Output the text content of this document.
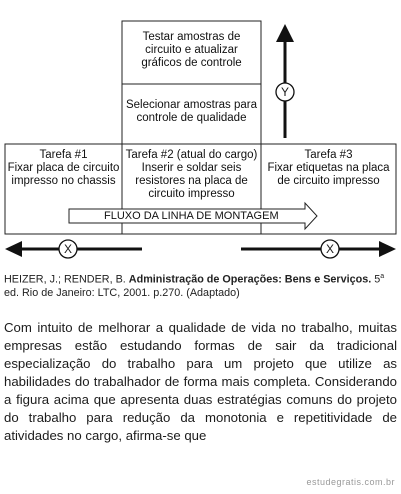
Testar amostras de circuito e atualizar gráficos de controle
Selecionar amostras para controle de qualidade
Tarefa #1
Fixar placa de circuito impresso no chassis
Tarefa #2 (atual do cargo)
Inserir e soldar seis resistores na placa de circuito impresso
Tarefa #3
Fixar etiquetas na placa de circuito impresso
FLUXO DA LINHA DE MONTAGEM
Y
X	X
HEIZER, J.; RENDER, B. Administração de Operações: Bens e Serviços. 5$^a$ ed. Rio de Janeiro: LTC, 2001. p.270. (Adaptado)
Com intuito de melhorar a qualidade de vida no trabalho, muitas empresas estão estudando formas de sair da tradicional especialização do trabalho para um projeto que utilize as habilidades do trabalhador de forma mais completa. Considerando a figura acima que apresenta duas estratégias comuns do projeto do trabalho para redução da monotonia e repetitividade de atividades no cargo, afirma-se que
estudegratis.com.br
